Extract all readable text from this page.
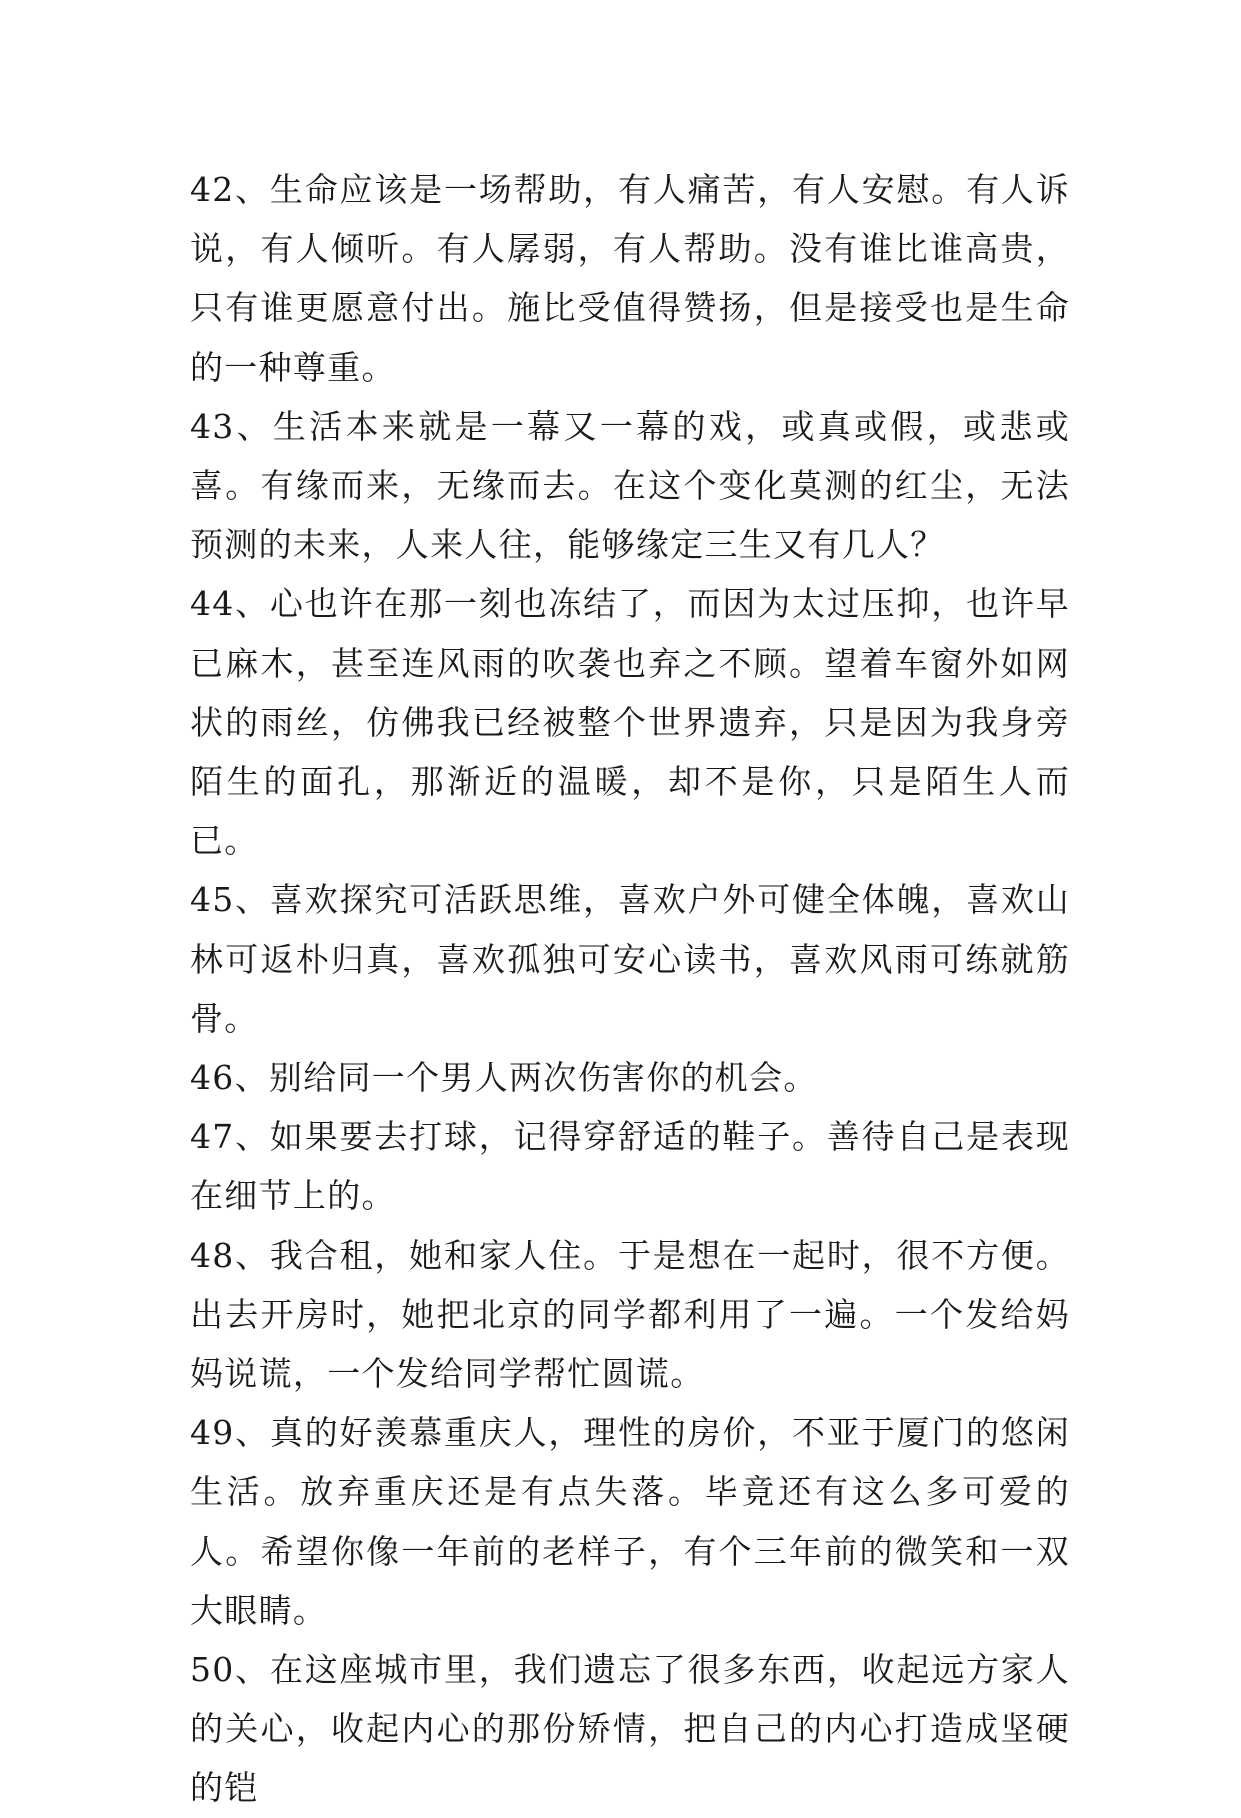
42、生命应该是一场帮助，有人痛苦，有人安慰。有人诉说，有人倾听。有人孱弱，有人帮助。没有谁比谁高贵，只有谁更愿意付出。施比受值得赞扬，但是接受也是生命的一种尊重。

43、生活本来就是一幕又一幕的戏，或真或假，或悲或喜。有缘而来，无缘而去。在这个变化莫测的红尘，无法预测的未来，人来人往，能够缘定三生又有几人？

44、心也许在那一刻也冻结了，而因为太过压抑，也许早已麻木，甚至连风雨的吹袭也弃之不顾。望着车窗外如网状的雨丝，仿佛我已经被整个世界遗弃，只是因为我身旁陌生的面孔，那渐近的温暖，却不是你，只是陌生人而已。

45、喜欢探究可活跃思维，喜欢户外可健全体魄，喜欢山林可返朴归真，喜欢孤独可安心读书，喜欢风雨可练就筋骨。

46、别给同一个男人两次伤害你的机会。

47、如果要去打球，记得穿舒适的鞋子。善待自己是表现在细节上的。

48、我合租，她和家人住。于是想在一起时，很不方便。出去开房时，她把北京的同学都利用了一遍。一个发给妈妈说谎，一个发给同学帮忙圆谎。

49、真的好羡慕重庆人，理性的房价，不亚于厦门的悠闲生活。放弃重庆还是有点失落。毕竟还有这么多可爱的人。希望你像一年前的老样子，有个三年前的微笑和一双大眼睛。

50、在这座城市里，我们遗忘了很多东西，收起远方家人的关心，收起内心的那份矫情，把自己的内心打造成坚硬的铠
